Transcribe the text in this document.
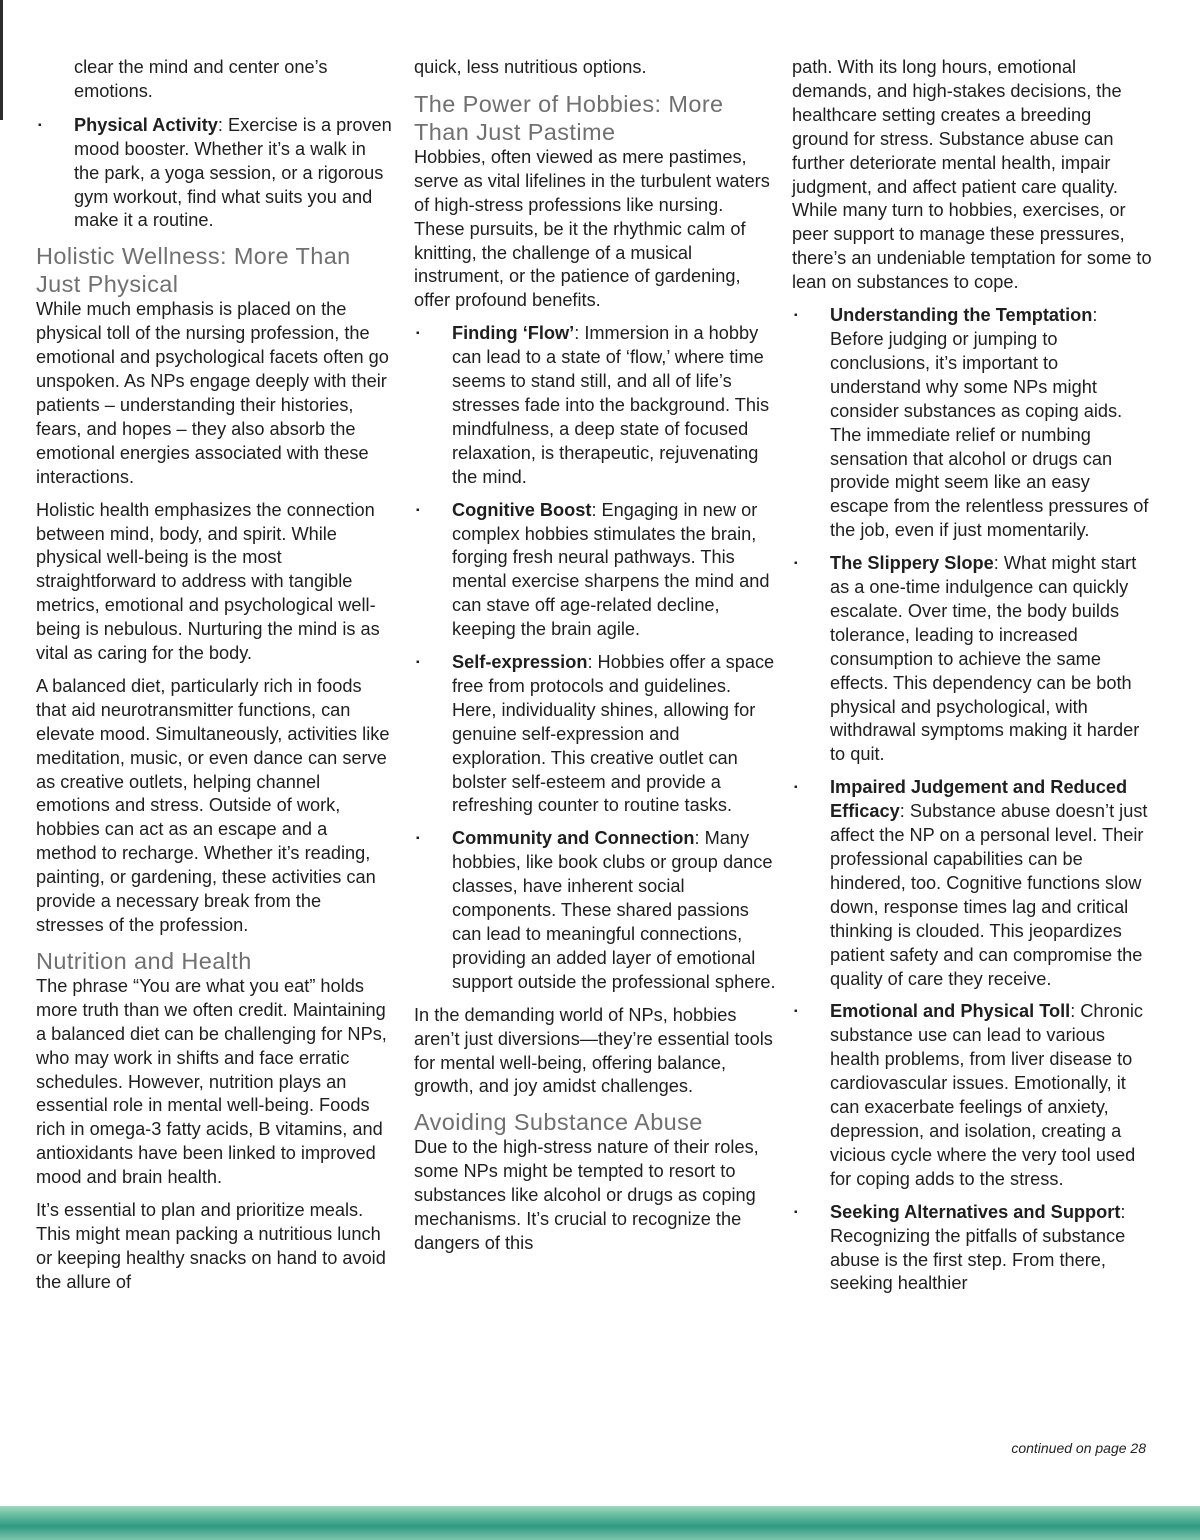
clear the mind and center one’s emotions.

▪ Physical Activity: Exercise is a proven mood booster. Whether it’s a walk in the park, a yoga session, or a rigorous gym workout, find what suits you and make it a routine.
Holistic Wellness: More Than Just Physical

While much emphasis is placed on the physical toll of the nursing profession, the emotional and psychological facets often go unspoken. As NPs engage deeply with their patients – understanding their histories, fears, and hopes – they also absorb the emotional energies associated with these interactions.

Holistic health emphasizes the connection between mind, body, and spirit. While physical well-being is the most straightforward to address with tangible metrics, emotional and psychological well-being is nebulous. Nurturing the mind is as vital as caring for the body.

A balanced diet, particularly rich in foods that aid neurotransmitter functions, can elevate mood. Simultaneously, activities like meditation, music, or even dance can serve as creative outlets, helping channel emotions and stress. Outside of work, hobbies can act as an escape and a method to recharge. Whether it’s reading, painting, or gardening, these activities can provide a necessary break from the stresses of the profession.

Nutrition and Health

The phrase “You are what you eat” holds more truth than we often credit. Maintaining a balanced diet can be challenging for NPs, who may work in shifts and face erratic schedules. However, nutrition plays an essential role in mental well-being. Foods rich in omega-3 fatty acids, B vitamins, and antioxidants have been linked to improved mood and brain health.

It’s essential to plan and prioritize meals. This might mean packing a nutritious lunch or keeping healthy snacks on hand to avoid the allure of

quick, less nutritious options.

The Power of Hobbies: More Than Just Pastime

Hobbies, often viewed as mere pastimes, serve as vital lifelines in the turbulent waters of high-stress professions like nursing. These pursuits, be it the rhythmic calm of knitting, the challenge of a musical instrument, or the patience of gardening, offer profound benefits.

▪ Finding ‘Flow’: Immersion in a hobby can lead to a state of ‘flow,’ where time seems to stand still, and all of life’s stresses fade into the background. This mindfulness, a deep state of focused relaxation, is therapeutic, rejuvenating the mind.
▪ Cognitive Boost: Engaging in new or complex hobbies stimulates the brain, forging fresh neural pathways. This mental exercise sharpens the mind and can stave off age-related decline, keeping the brain agile.
▪ Self-expression: Hobbies offer a space free from protocols and guidelines. Here, individuality shines, allowing for genuine self-expression and exploration. This creative outlet can bolster self-esteem and provide a refreshing counter to routine tasks.
▪ Community and Connection: Many hobbies, like book clubs or group dance classes, have inherent social components. These shared passions can lead to meaningful connections, providing an added layer of emotional support outside the professional sphere.

In the demanding world of NPs, hobbies aren’t just diversions—they’re essential tools for mental well-being, offering balance, growth, and joy amidst challenges.

Avoiding Substance Abuse

Due to the high-stress nature of their roles, some NPs might be tempted to resort to substances like alcohol or drugs as coping mechanisms. It’s crucial to recognize the dangers of this

path. With its long hours, emotional demands, and high-stakes decisions, the healthcare setting creates a breeding ground for stress. Substance abuse can further deteriorate mental health, impair judgment, and affect patient care quality. While many turn to hobbies, exercises, or peer support to manage these pressures, there’s an undeniable temptation for some to lean on substances to cope.

▪ Understanding the Temptation: Before judging or jumping to conclusions, it’s important to understand why some NPs might consider substances as coping aids. The immediate relief or numbing sensation that alcohol or drugs can provide might seem like an easy escape from the relentless pressures of the job, even if just momentarily.
▪ The Slippery Slope: What might start as a one-time indulgence can quickly escalate. Over time, the body builds tolerance, leading to increased consumption to achieve the same effects. This dependency can be both physical and psychological, with withdrawal symptoms making it harder to quit.
▪ Impaired Judgement and Reduced Efficacy: Substance abuse doesn’t just affect the NP on a personal level. Their professional capabilities can be hindered, too. Cognitive functions slow down, response times lag and critical thinking is clouded. This jeopardizes patient safety and can compromise the quality of care they receive.
▪ Emotional and Physical Toll: Chronic substance use can lead to various health problems, from liver disease to cardiovascular issues. Emotionally, it can exacerbate feelings of anxiety, depression, and isolation, creating a vicious cycle where the very tool used for coping adds to the stress.
▪ Seeking Alternatives and Support: Recognizing the pitfalls of substance abuse is the first step. From there, seeking healthier
continued on page 28
